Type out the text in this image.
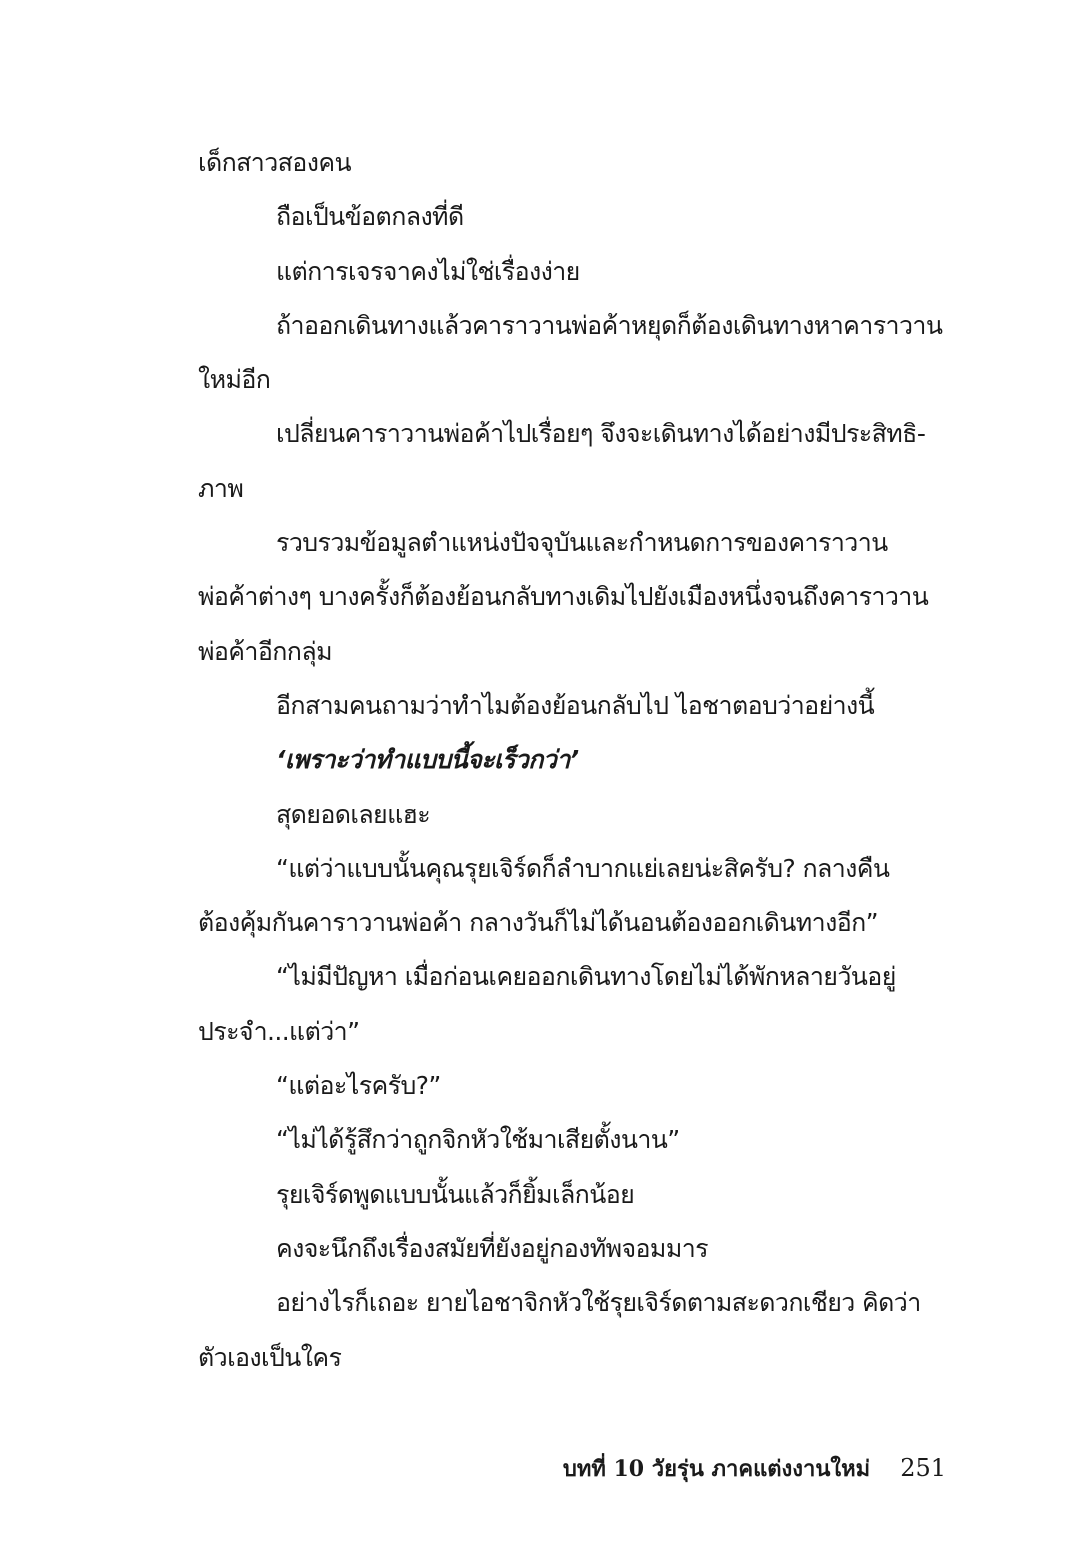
เด็กสาวสองคน
ถือเป็นข้อตกลงที่ดี
แต่การเจรจาคงไม่ใช่เรื่องง่าย
ถ้าออกเดินทางแล้วคาราวานพ่อค้าหยุดก็ต้องเดินทางหาคาราวาน
ใหม่อีก
เปลี่ยนคาราวานพ่อค้าไปเรื่อยๆ จึงจะเดินทางได้อย่างมีประสิทธิ-
ภาพ
รวบรวมข้อมูลตำแหน่งปัจจุบันและกำหนดการของคาราวาน
พ่อค้าต่างๆ บางครั้งก็ต้องย้อนกลับทางเดิมไปยังเมืองหนึ่งจนถึงคาราวาน
พ่อค้าอีกกลุ่ม
อีกสามคนถามว่าทำไมต้องย้อนกลับไป ไอชาตอบว่าอย่างนี้
‘เพราะว่าทำแบบนี้จะเร็วกว่า’
สุดยอดเลยแฮะ
“แต่ว่าแบบนั้นคุณรุยเจิร์ดก็ลำบากแย่เลยน่ะสิครับ? กลางคืน
ต้องคุ้มกันคาราวานพ่อค้า กลางวันก็ไม่ได้นอนต้องออกเดินทางอีก”
“ไม่มีปัญหา เมื่อก่อนเคยออกเดินทางโดยไม่ได้พักหลายวันอยู่
ประจำ...แต่ว่า”
“แต่อะไรครับ?”
“ไม่ได้รู้สึกว่าถูกจิกหัวใช้มาเสียตั้งนาน”
รุยเจิร์ดพูดแบบนั้นแล้วก็ยิ้มเล็กน้อย
คงจะนึกถึงเรื่องสมัยที่ยังอยู่กองทัพจอมมาร
อย่างไรก็เถอะ ยายไอชาจิกหัวใช้รุยเจิร์ดตามสะดวกเชียว คิดว่า
ตัวเองเป็นใคร
บทที่ 10 วัยรุ่น ภาคแต่งงานใหม่ 251
